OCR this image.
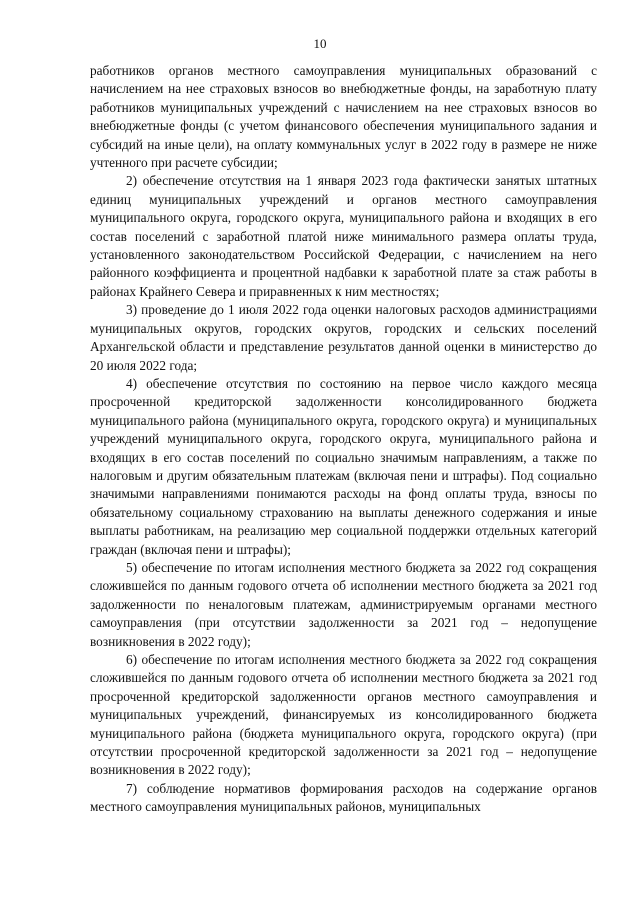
10

работников органов местного самоуправления муниципальных образований с начислением на нее страховых взносов во внебюджетные фонды, на заработную плату работников муниципальных учреждений с начислением на нее страховых взносов во внебюджетные фонды (с учетом финансового обеспечения муниципального задания и субсидий на иные цели), на оплату коммунальных услуг в 2022 году в размере не ниже учтенного при расчете субсидии;

2) обеспечение отсутствия на 1 января 2023 года фактически занятых штатных единиц муниципальных учреждений и органов местного самоуправления муниципального округа, городского округа, муниципального района и входящих в его состав поселений с заработной платой ниже минимального размера оплаты труда, установленного законодательством Российской Федерации, с начислением на него районного коэффициента и процентной надбавки к заработной плате за стаж работы в районах Крайнего Севера и приравненных к ним местностях;

3) проведение до 1 июля 2022 года оценки налоговых расходов администрациями муниципальных округов, городских округов, городских и сельских поселений Архангельской области и представление результатов данной оценки в министерство до 20 июля 2022 года;

4) обеспечение отсутствия по состоянию на первое число каждого месяца просроченной кредиторской задолженности консолидированного бюджета муниципального района (муниципального округа, городского округа) и муниципальных учреждений муниципального округа, городского округа, муниципального района и входящих в его состав поселений по социально значимым направлениям, а также по налоговым и другим обязательным платежам (включая пени и штрафы). Под социально значимыми направлениями понимаются расходы на фонд оплаты труда, взносы по обязательному социальному страхованию на выплаты денежного содержания и иные выплаты работникам, на реализацию мер социальной поддержки отдельных категорий граждан (включая пени и штрафы);

5) обеспечение по итогам исполнения местного бюджета за 2022 год сокращения сложившейся по данным годового отчета об исполнении местного бюджета за 2021 год задолженности по неналоговым платежам, администрируемым органами местного самоуправления (при отсутствии задолженности за 2021 год – недопущение возникновения в 2022 году);

6) обеспечение по итогам исполнения местного бюджета за 2022 год сокращения сложившейся по данным годового отчета об исполнении местного бюджета за 2021 год просроченной кредиторской задолженности органов местного самоуправления и муниципальных учреждений, финансируемых из консолидированного бюджета муниципального района (бюджета муниципального округа, городского округа) (при отсутствии просроченной кредиторской задолженности за 2021 год – недопущение возникновения в 2022 году);

7) соблюдение нормативов формирования расходов на содержание органов местного самоуправления муниципальных районов, муниципальных
